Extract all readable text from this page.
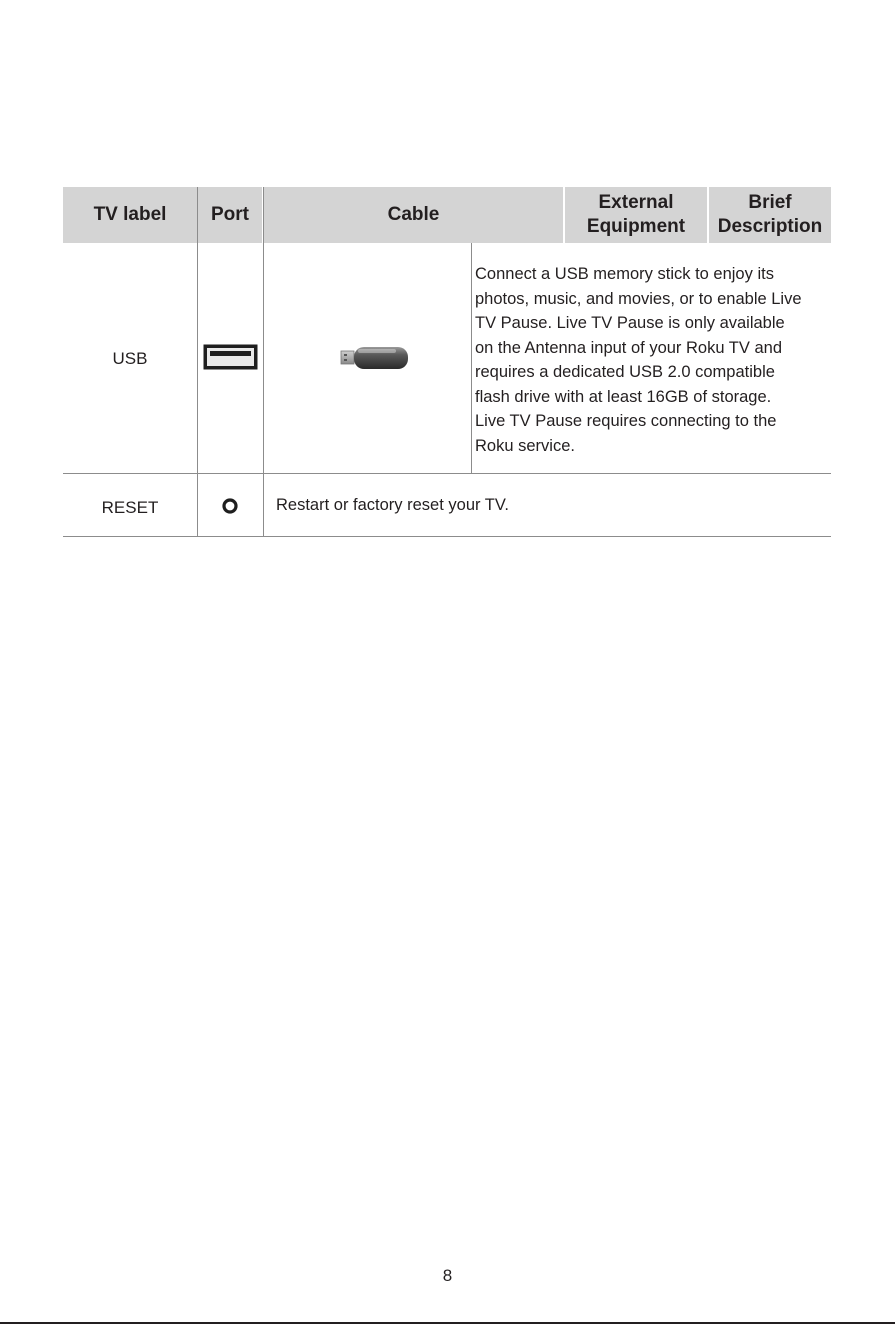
TV label Port	Cable
External
Equipment
Brief
Description
USB
Connect a USB memory stick to enjoy its
photos, music, and movies, or to enable Live
TV Pause. Live TV Pause is only available
on the Antenna input of your Roku TV and
requires a dedicated USB 2.0 compatible
flash drive with at least 16GB of storage.
Live TV Pause requires connecting to the
Roku service.
RESET	Restart or factory reset your TV.
8
